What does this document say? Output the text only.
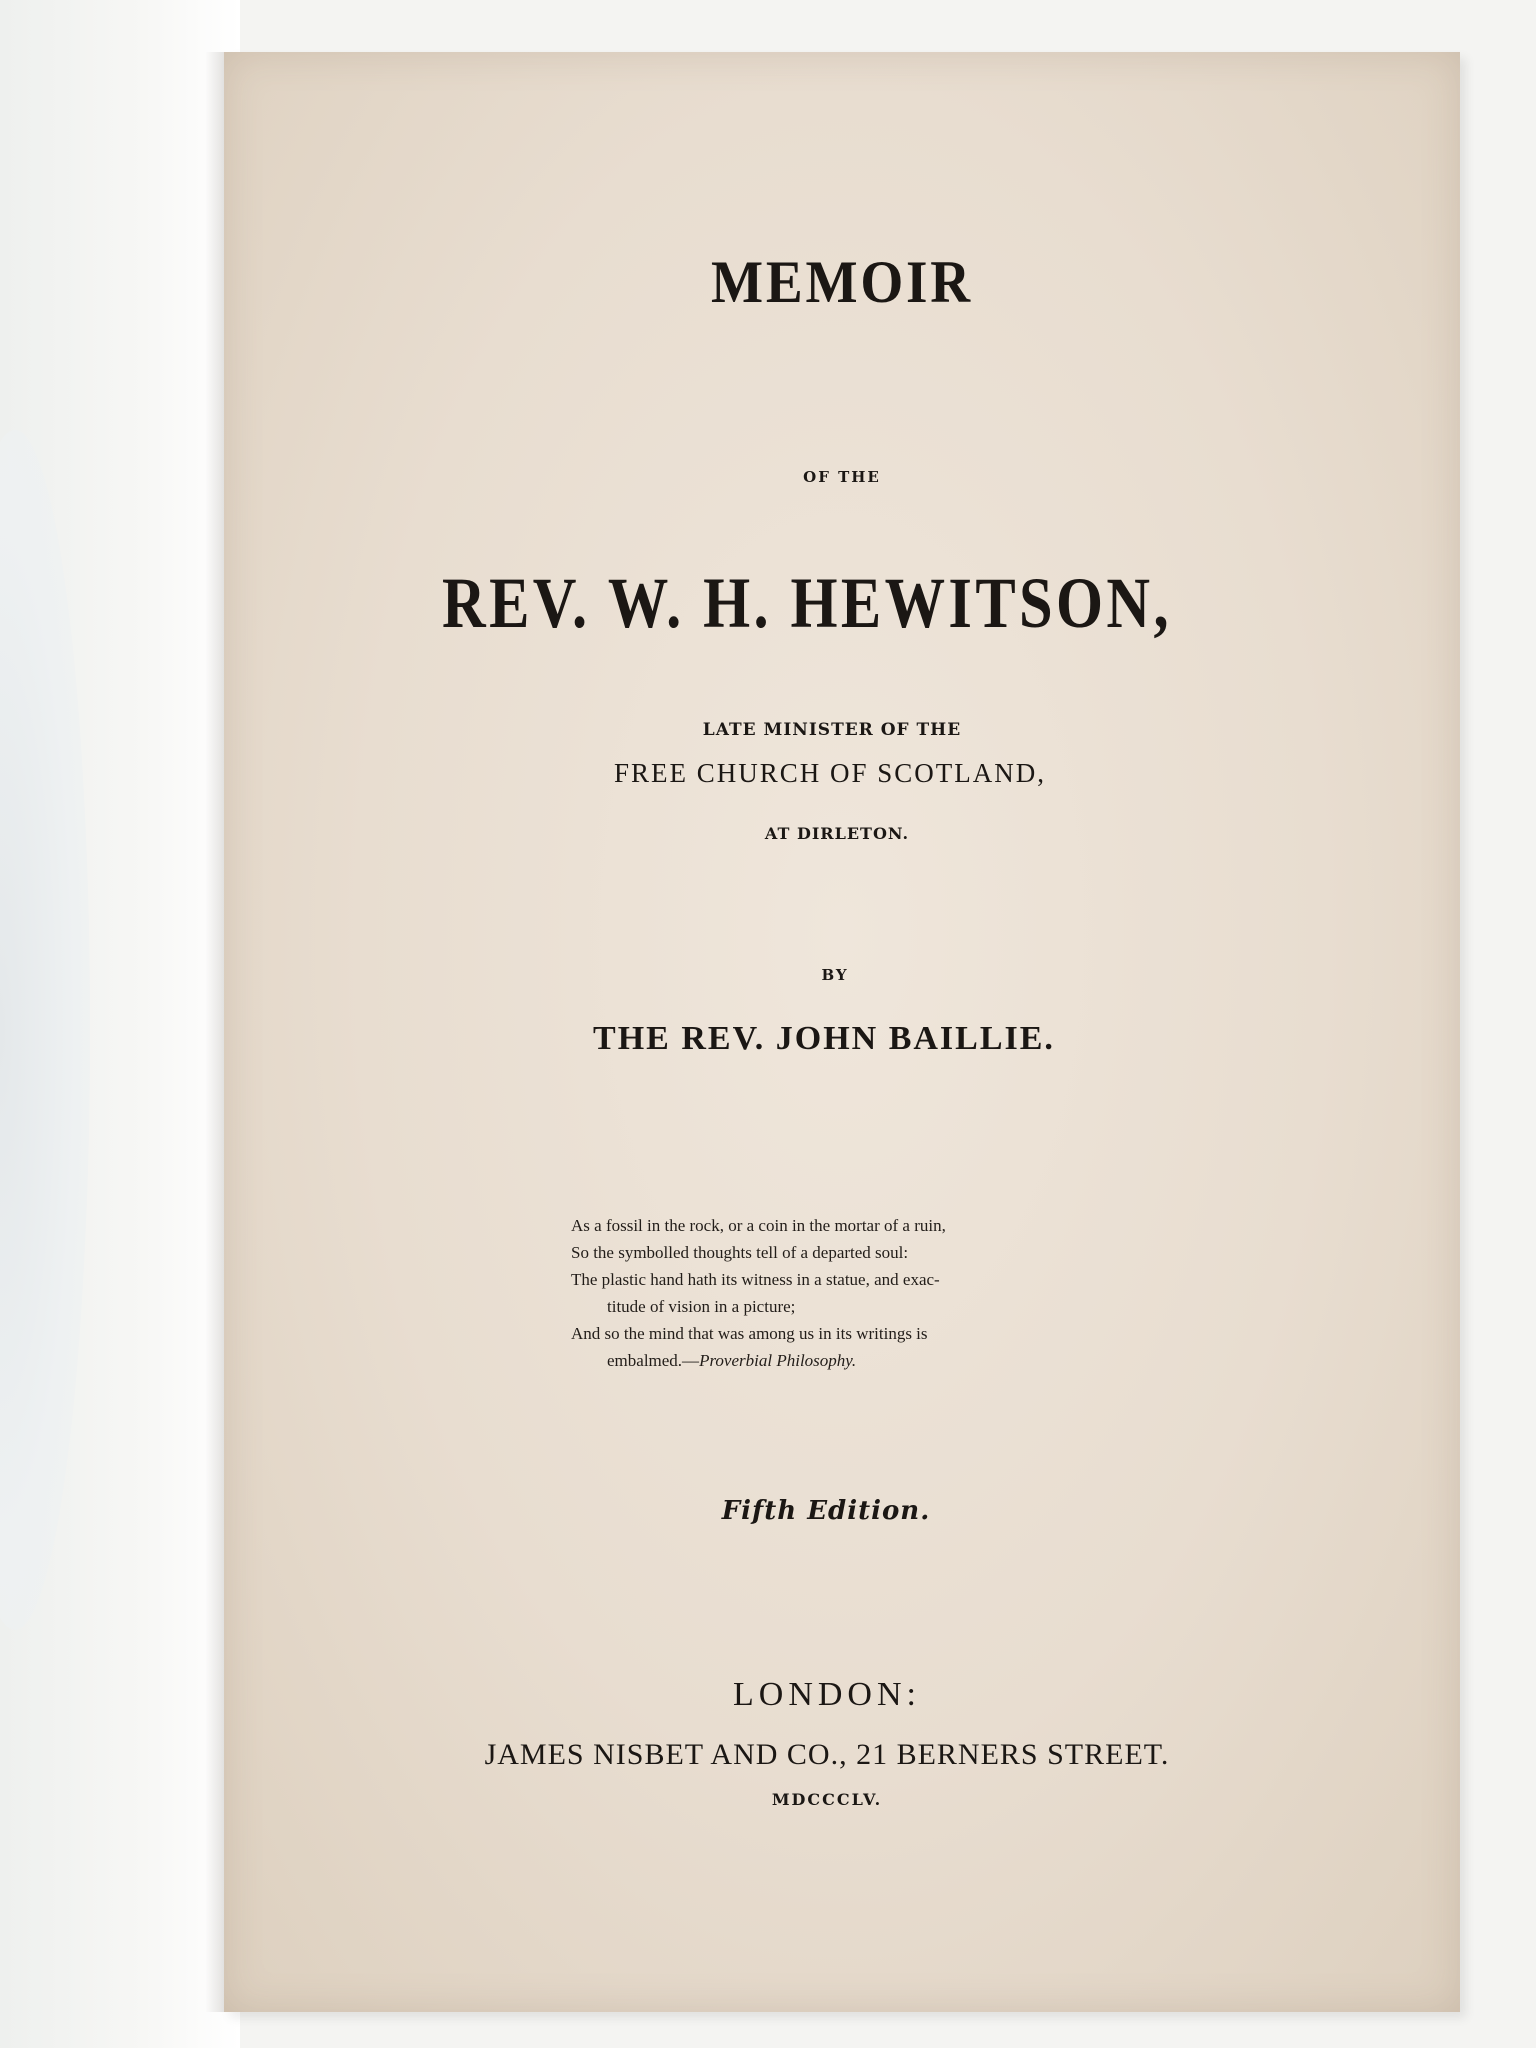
MEMOIR
OF THE
REV. W. H. HEWITSON,
LATE MINISTER OF THE
FREE CHURCH OF SCOTLAND,
AT DIRLETON.
BY
THE REV. JOHN BAILLIE.
As a fossil in the rock, or a coin in the mortar of a ruin,
So the symbolled thoughts tell of a departed soul:
The plastic hand hath its witness in a statue, and exac-
titude of vision in a picture;
And so the mind that was among us in its writings is
embalmed.—Proverbial Philosophy.
Fifth Edition.
LONDON:
JAMES NISBET AND CO., 21 BERNERS STREET.
MDCCCLV.
